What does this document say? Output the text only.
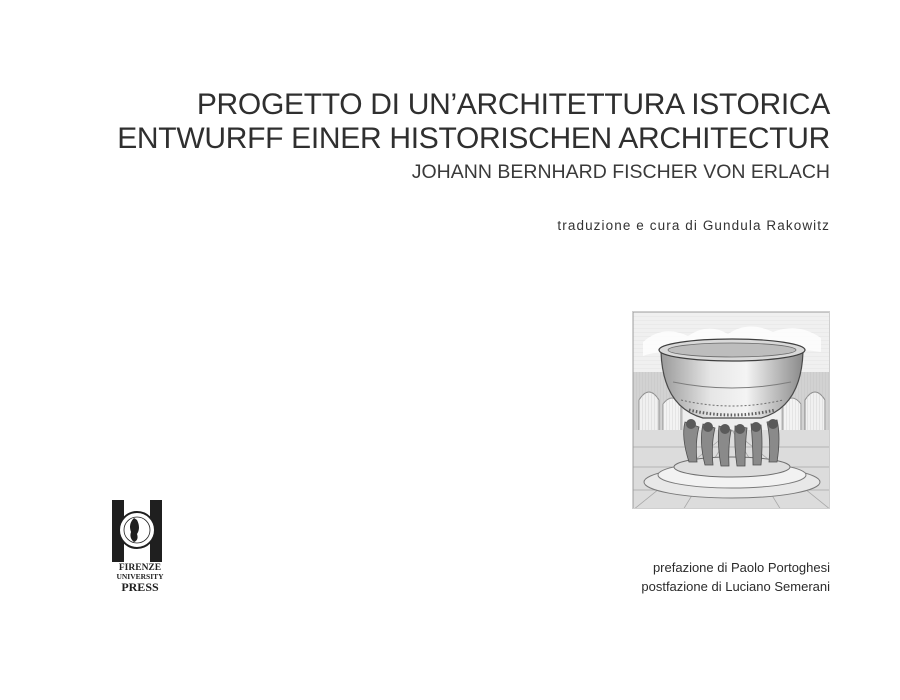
PROGETTO DI UN’ARCHITETTURA ISTORICA
ENTWURFF EINER HISTORISCHEN ARCHITECTUR
JOHANN BERNHARD FISCHER VON ERLACH
traduzione e cura di Gundula Rakowitz
FIRENZE
UNIVERSITY
PRESS
prefazione di Paolo Portoghesi
postfazione di Luciano Semerani
